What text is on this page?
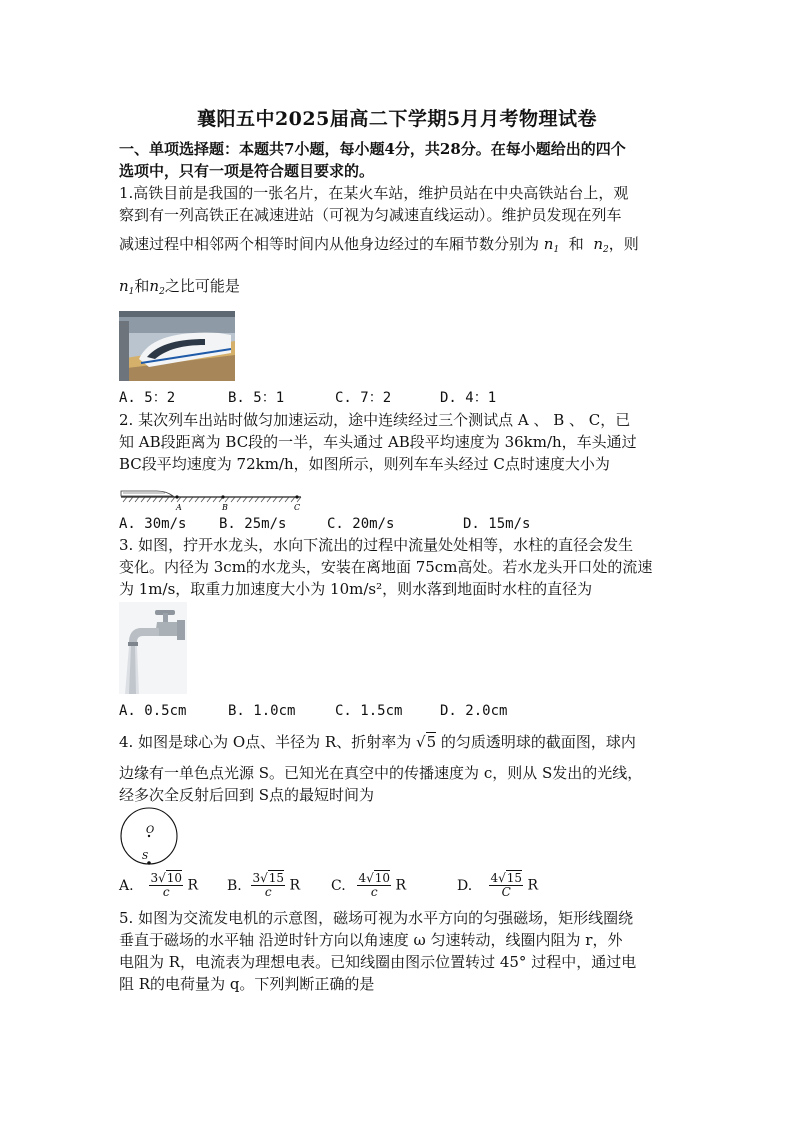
襄阳五中2025届高二下学期5月月考物理试卷
一、单项选择题：本题共7小题，每小题4分，共28分。在每小题给出的四个
选项中，只有一项是符合题目要求的。
1.高铁目前是我国的一张名片，在某火车站，维护员站在中央高铁站台上，观
察到有一列高铁正在减速进站（可视为匀减速直线运动）。维护员发现在列车
减速过程中相邻两个相等时间内从他身边经过的车厢节数分别为 $n_1$ 和 $n_2$，则
$n_1$和$n_2$之比可能是
A. 5：2	B. 5：1	C. 7：2	D. 4：1
2. 某次列车出站时做匀加速运动，途中连续经过三个测试点 A 、 B 、 C，已
知 AB段距离为 BC段的一半，车头通过 AB段平均速度为 36km/h，车头通过
BC段平均速度为 72km/h，如图所示，则列车车头经过 C点时速度大小为
A	B	C
A. 30m/s B. 25m/s	C. 20m/s	D. 15m/s
3. 如图，拧开水龙头，水向下流出的过程中流量处处相等，水柱的直径会发生
变化。内径为 3cm的水龙头，安装在离地面 75cm高处。若水龙头开口处的流速
为 1m/s，取重力加速度大小为 10m/s²，则水落到地面时水柱的直径为
A. 0.5cm	B. 1.0cm	C. 1.5cm	D. 2.0cm
4. 如图是球心为 O点、半径为 R、折射率为 √5 的匀质透明球的截面图，球内
边缘有一单色点光源 S。已知光在真空中的传播速度为 c，则从 S发出的光线，
经多次全反射后回到 S点的最短时间为
O
S
A. $\frac{3√10}{c}$ R B. $\frac{3√15}{c}$ R C. $\frac{4√10}{c}$ R	D. $\frac{4√15}{C}$ R
5. 如图为交流发电机的示意图，磁场可视为水平方向的匀强磁场，矩形线圈绕
垂直于磁场的水平轴 沿逆时针方向以角速度 ω 匀速转动，线圈内阻为 r，外
电阻为 R，电流表为理想电表。已知线圈由图示位置转过 45° 过程中，通过电
阻 R的电荷量为 q。下列判断正确的是
